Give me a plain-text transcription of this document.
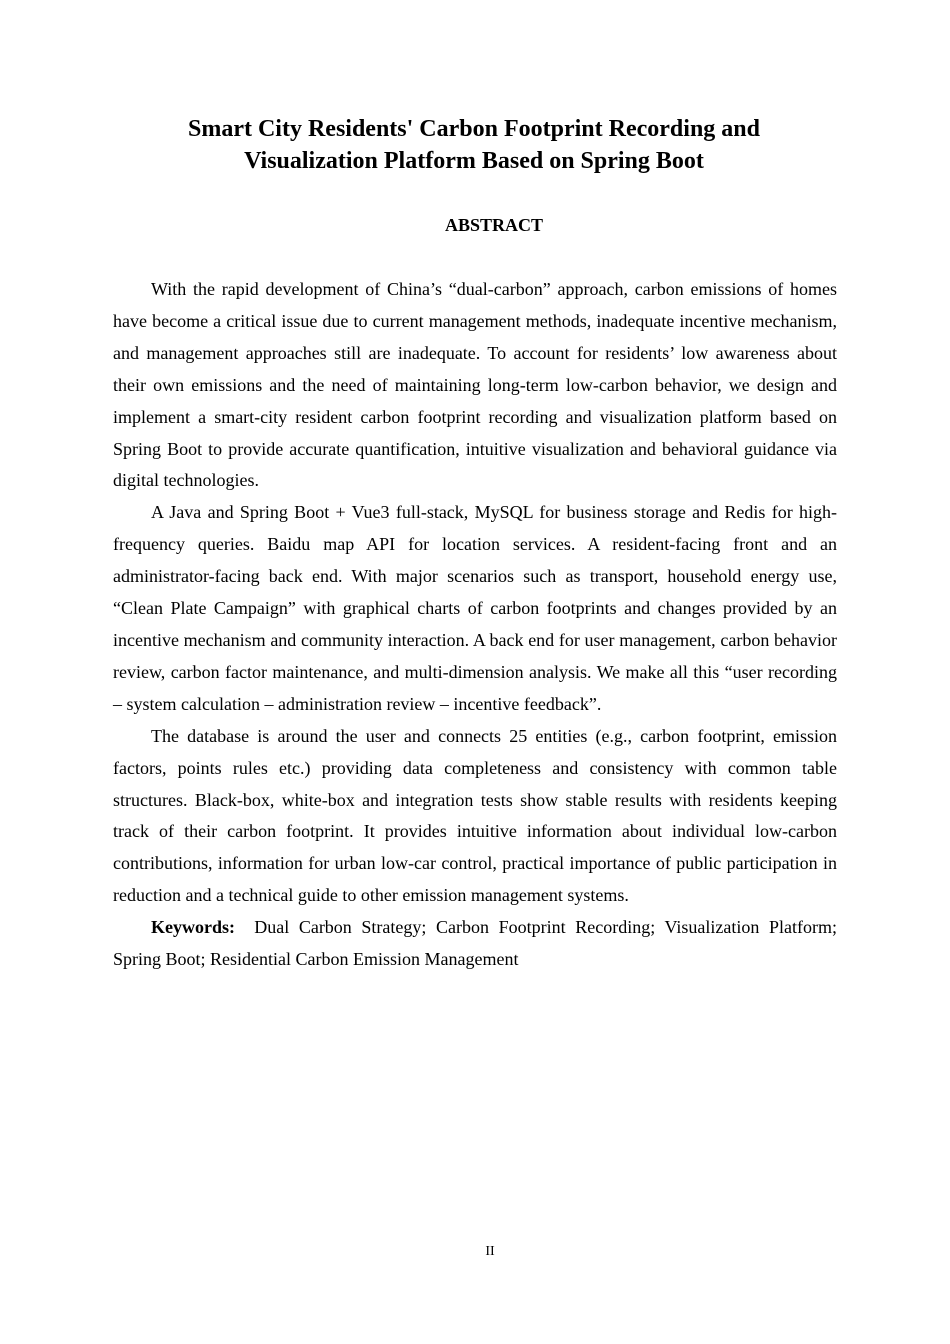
Smart City Residents' Carbon Footprint Recording and
Visualization Platform Based on Spring Boot
ABSTRACT

With the rapid development of China’s “dual-carbon” approach, carbon emissions of homes have become a critical issue due to current management methods, inadequate incentive mechanism, and management approaches still are inadequate. To account for residents’ low awareness about their own emissions and the need of maintaining long-term low-carbon behavior, we design and implement a smart-city resident carbon footprint recording and visualization platform based on Spring Boot to provide accurate quantification, intuitive visualization and behavioral guidance via digital technologies.

A Java and Spring Boot + Vue3 full-stack, MySQL for business storage and Redis for high-frequency queries. Baidu map API for location services. A resident-facing front and an administrator-facing back end. With major scenarios such as transport, household energy use, “Clean Plate Campaign” with graphical charts of carbon footprints and changes provided by an incentive mechanism and community interaction. A back end for user management, carbon behavior review, carbon factor maintenance, and multi-dimension analysis. We make all this “user recording – system calculation – administration review – incentive feedback”.

The database is around the user and connects 25 entities (e.g., carbon footprint, emission factors, points rules etc.) providing data completeness and consistency with common table structures. Black-box, white-box and integration tests show stable results with residents keeping track of their carbon footprint. It provides intuitive information about individual low-carbon contributions, information for urban low-car control, practical importance of public participation in reduction and a technical guide to other emission management systems.

Keywords: Dual Carbon Strategy; Carbon Footprint Recording; Visualization Platform; Spring Boot; Residential Carbon Emission Management

II
